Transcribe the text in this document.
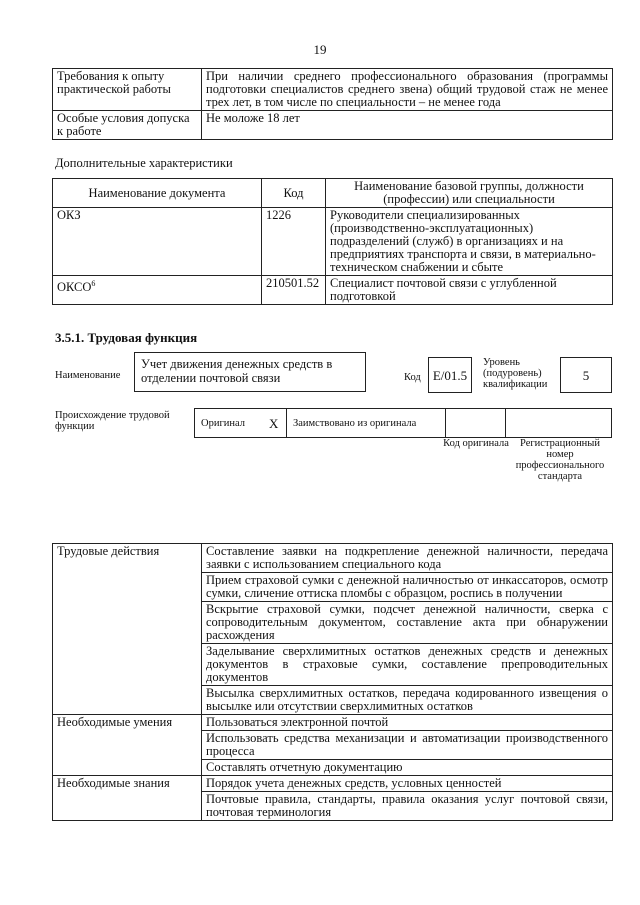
19
Требования к опыту практической работы	При наличии среднего профессионального образования (программы подготовки специалистов среднего звена) общий трудовой стаж не менее трех лет, в том числе по специальности – не менее года
Особые условия допуска к работе	Не моложе 18 лет
Дополнительные характеристики
Наименование документа	Код	Наименование базовой группы, должности (профессии) или специальности
ОКЗ	1226	Руководители специализированных (производственно-эксплуатационных) подразделений (служб) в организациях и на предприятиях транспорта и связи, в материально-техническом снабжении и сбыте
ОКСО$^6$	210501.52	Специалист почтовой связи с углубленной подготовкой
3.5.1. Трудовая функция
Наименование
Учет движения денежных средств в отделении почтовой связи	Код E/01.5
Уровень (подуровень) квалификации
5
Происхождение трудовой функции	Оригинал X Заимствовано из оригинала
Код оригинала	Регистрационный номер профессионального стандарта
Трудовые действия	Составление заявки на подкрепление денежной наличности, передача заявки с использованием специального кода
	Прием страховой сумки с денежной наличностью от инкассаторов, осмотр сумки, сличение оттиска пломбы с образцом, роспись в получении
	Вскрытие страховой сумки, подсчет денежной наличности, сверка с сопроводительным документом, составление акта при обнаружении расхождения
	Заделывание сверхлимитных остатков денежных средств и денежных документов в страховые сумки, составление препроводительных документов
	Высылка сверхлимитных остатков, передача кодированного извещения о высылке или отсутствии сверхлимитных остатков
Необходимые умения	Пользоваться электронной почтой
	Использовать средства механизации и автоматизации производственного процесса
	Составлять отчетную документацию
Необходимые знания	Порядок учета денежных средств, условных ценностей
	Почтовые правила, стандарты, правила оказания услуг почтовой связи, почтовая терминология
